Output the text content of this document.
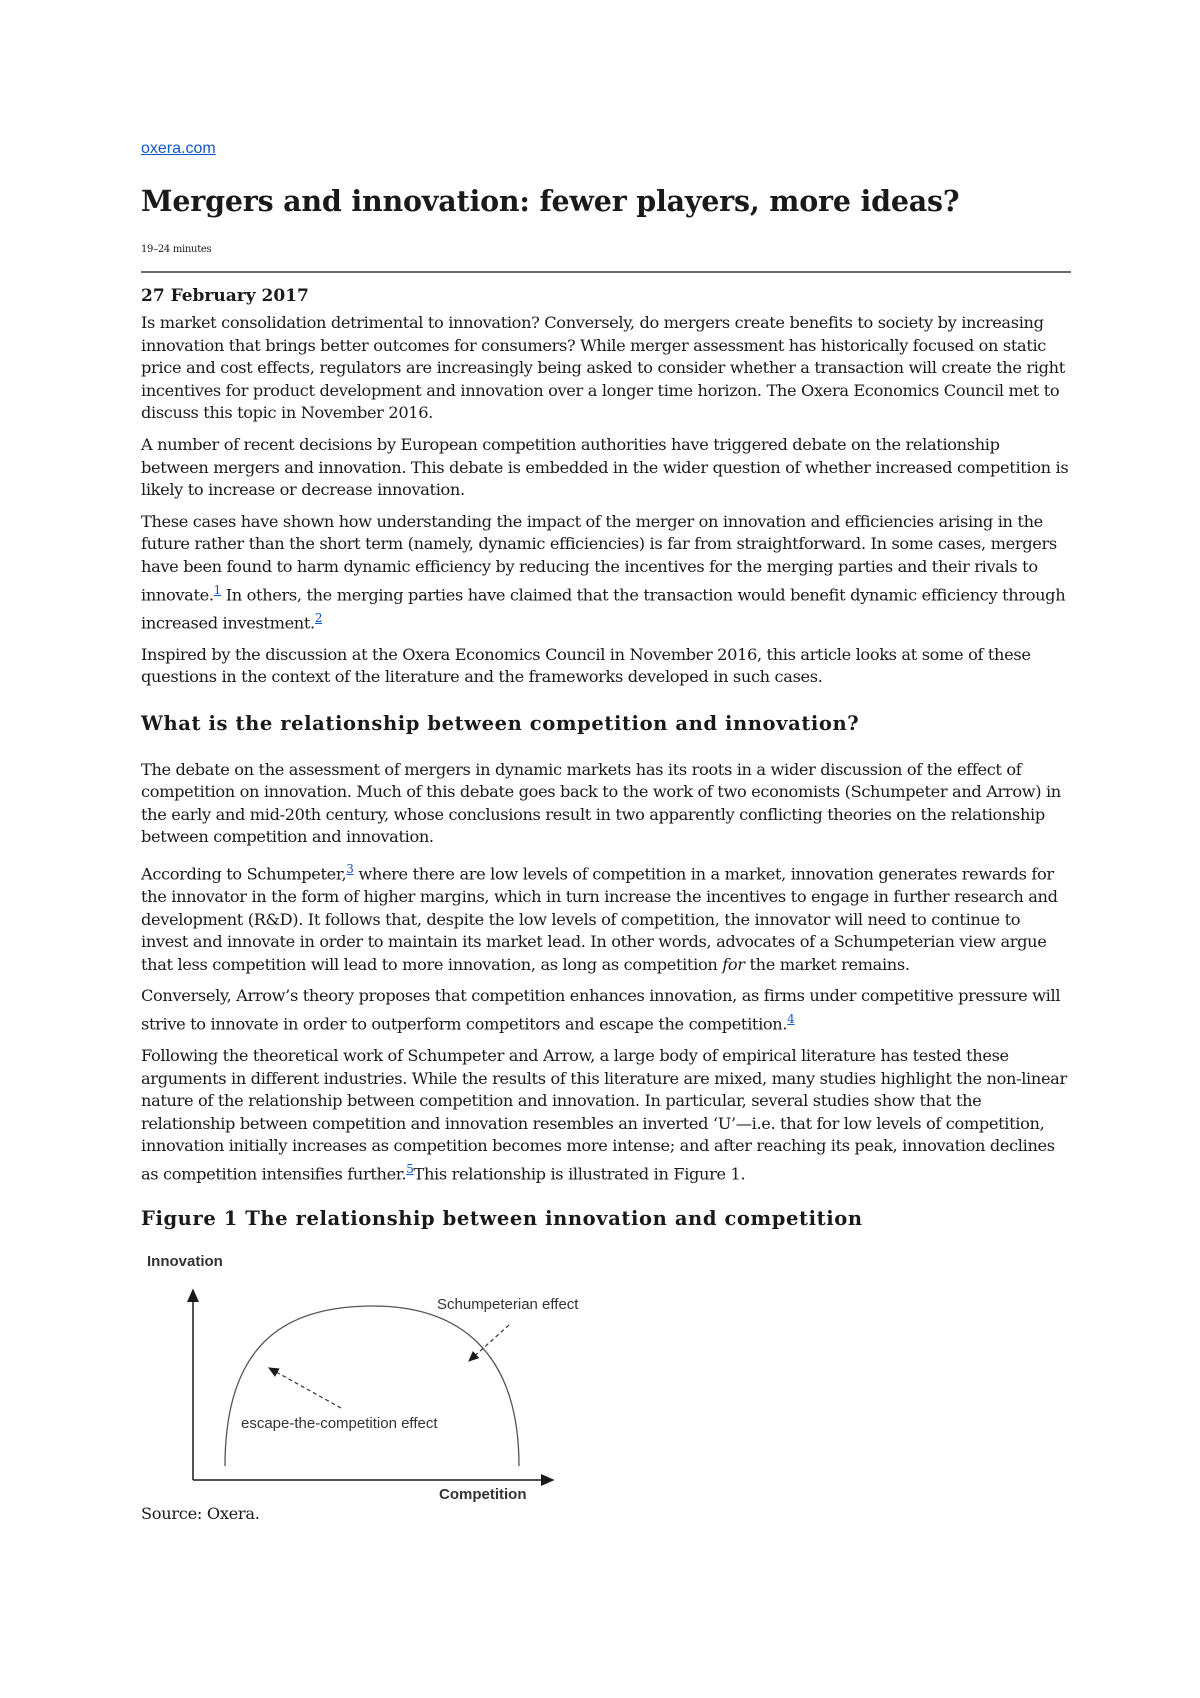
oxera.com
Mergers and innovation: fewer players, more ideas?
19–24 minutes
27 February 2017

Is market consolidation detrimental to innovation? Conversely, do mergers create benefits to society by increasing innovation that brings better outcomes for consumers? While merger assessment has historically focused on static price and cost effects, regulators are increasingly being asked to consider whether a transaction will create the right incentives for product development and innovation over a longer time horizon. The Oxera Economics Council met to discuss this topic in November 2016.

A number of recent decisions by European competition authorities have triggered debate on the relationship between mergers and innovation. This debate is embedded in the wider question of whether increased competition is likely to increase or decrease innovation.

These cases have shown how understanding the impact of the merger on innovation and efficiencies arising in the future rather than the short term (namely, dynamic efficiencies) is far from straightforward. In some cases, mergers have been found to harm dynamic efficiency by reducing the incentives for the merging parties and their rivals to innovate.$^1$ In others, the merging parties have claimed that the transaction would benefit dynamic efficiency through increased investment.$^2$

Inspired by the discussion at the Oxera Economics Council in November 2016, this article looks at some of these questions in the context of the literature and the frameworks developed in such cases.

What is the relationship between competition and innovation?

The debate on the assessment of mergers in dynamic markets has its roots in a wider discussion of the effect of competition on innovation. Much of this debate goes back to the work of two economists (Schumpeter and Arrow) in the early and mid-20th century, whose conclusions result in two apparently conflicting theories on the relationship between competition and innovation.

According to Schumpeter,$^3$ where there are low levels of competition in a market, innovation generates rewards for the innovator in the form of higher margins, which in turn increase the incentives to engage in further research and development (R&D). It follows that, despite the low levels of competition, the innovator will need to continue to invest and innovate in order to maintain its market lead. In other words, advocates of a Schumpeterian view argue that less competition will lead to more innovation, as long as competition for the market remains.

Conversely, Arrow’s theory proposes that competition enhances innovation, as firms under competitive pressure will strive to innovate in order to outperform competitors and escape the competition.$^4$

Following the theoretical work of Schumpeter and Arrow, a large body of empirical literature has tested these arguments in different industries. While the results of this literature are mixed, many studies highlight the non-linear nature of the relationship between competition and innovation. In particular, several studies show that the relationship between competition and innovation resembles an inverted ‘U’—i.e. that for low levels of competition, innovation initially increases as competition becomes more intense; and after reaching its peak, innovation declines as competition intensifies further.$^5$This relationship is illustrated in Figure 1.

Figure 1 The relationship between innovation and competition
Innovation
Schumpeterian effect
escape-the-competition effect
Competition
Source: Oxera.
